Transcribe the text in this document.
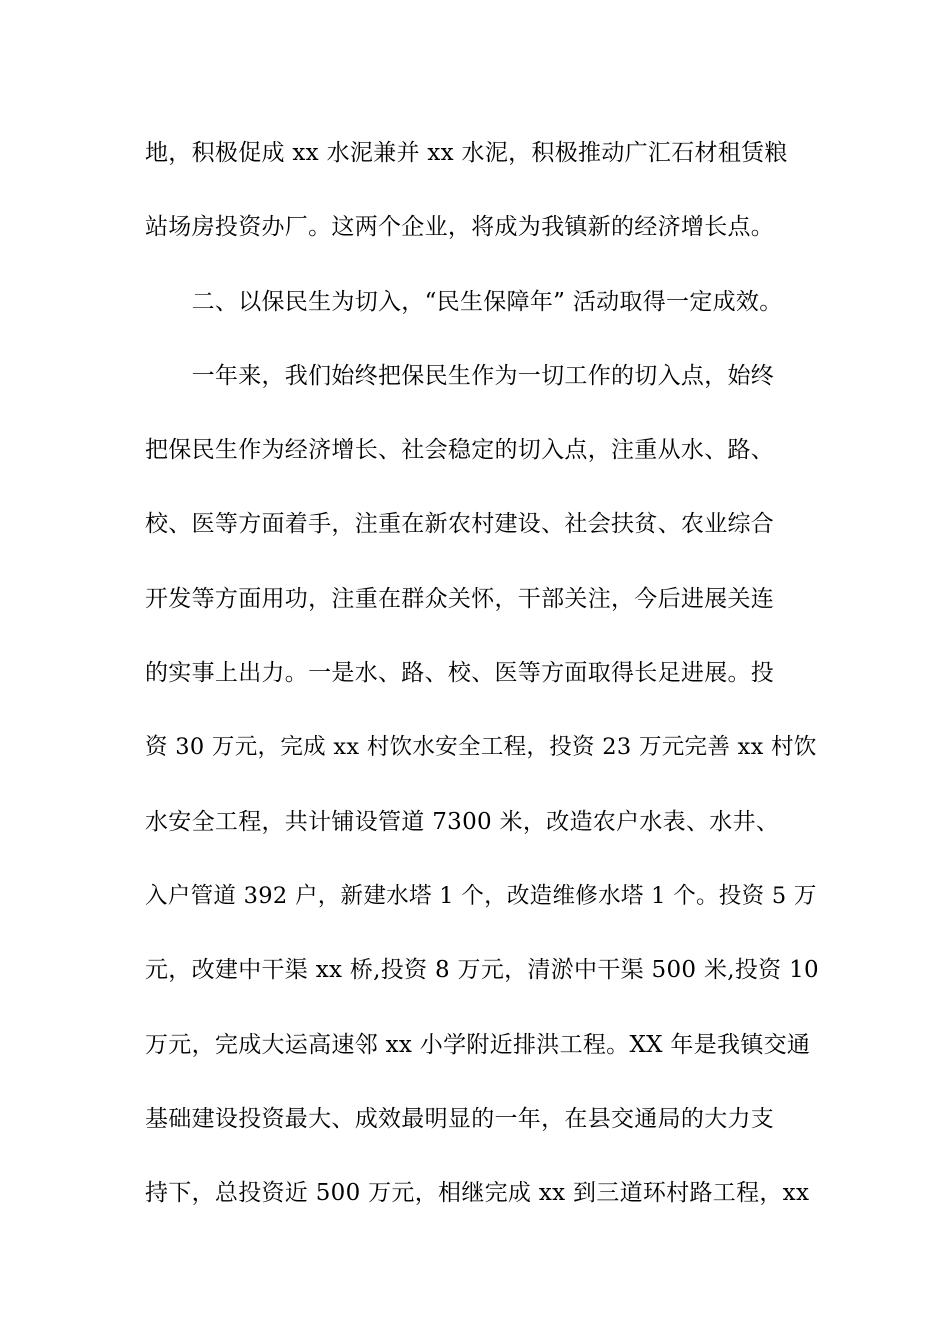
地，积极促成 xx 水泥兼并 xx 水泥，积极推动广汇石材租赁粮
站场房投资办厂。这两个企业，将成为我镇新的经济增长点。
　　二、以保民生为切入，“民生保障年” 活动取得一定成效。
　　一年来，我们始终把保民生作为一切工作的切入点，始终
把保民生作为经济增长、社会稳定的切入点，注重从水、路、
校、医等方面着手，注重在新农村建设、社会扶贫、农业综合
开发等方面用功，注重在群众关怀，干部关注，今后进展关连
的实事上出力。一是水、路、校、医等方面取得长足进展。投
资 30 万元，完成 xx 村饮水安全工程，投资 23 万元完善 xx 村饮
水安全工程，共计铺设管道 7300 米，改造农户水表、水井、
入户管道 392 户，新建水塔 1 个，改造维修水塔 1 个。投资 5 万
元，改建中干渠 xx 桥,投资 8 万元，清淤中干渠 500 米,投资 10
万元，完成大运高速邻 xx 小学附近排洪工程。XX 年是我镇交通
基础建设投资最大、成效最明显的一年，在县交通局的大力支
持下，总投资近 500 万元，相继完成 xx 到三道环村路工程，xx
